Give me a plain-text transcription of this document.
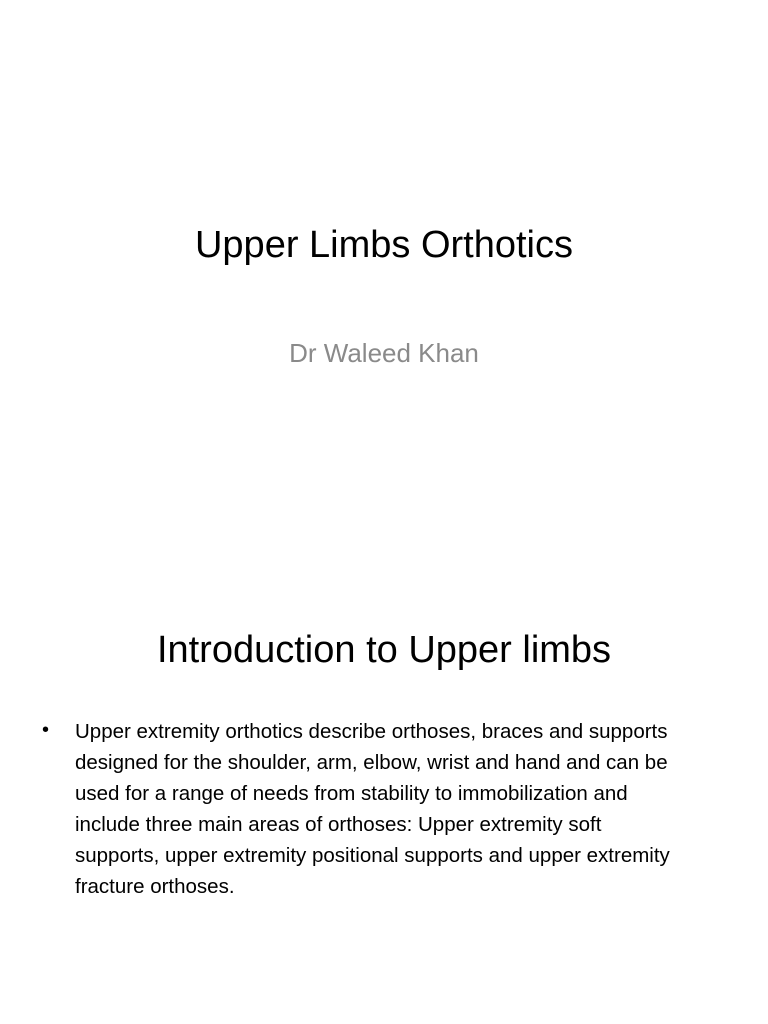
Upper Limbs Orthotics
Dr Waleed Khan
Introduction to Upper limbs
• Upper extremity orthotics describe orthoses, braces and supports designed for the shoulder, arm, elbow, wrist and hand and can be used for a range of needs from stability to immobilization and include three main areas of orthoses: Upper extremity soft supports, upper extremity positional supports and upper extremity fracture orthoses.
